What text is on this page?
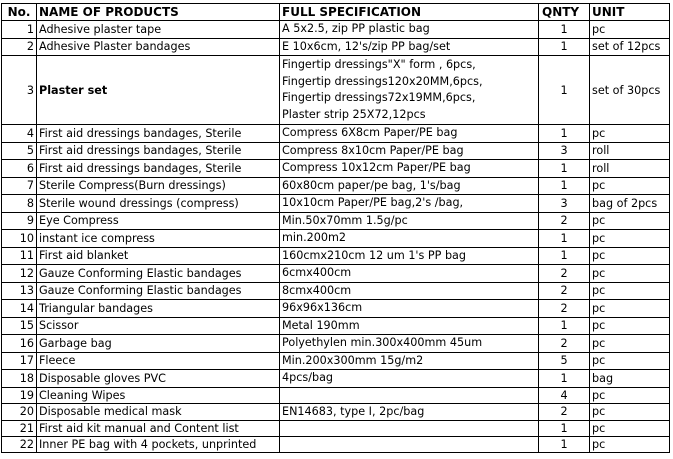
No.	NAME OF PRODUCTS	FULL SPECIFICATION	QNTY	UNIT
1	Adhesive plaster tape	A 5x2.5, zip PP plastic bag	1	pc
2	Adhesive Plaster bandages	E 10x6cm, 12's/zip PP bag/set	1	set of 12pcs
3	Plaster set	Fingertip dressings"X" form , 6pcs,
Fingertip dressings120x20MM,6pcs,
Fingertip dressings72x19MM,6pcs,
Plaster strip 25X72,12pcs	1	set of 30pcs
4	First aid dressings bandages, Sterile	Compress 6X8cm Paper/PE bag	1	pc
5	First aid dressings bandages, Sterile	Compress 8x10cm Paper/PE bag	3	roll
6	First aid dressings bandages, Sterile	Compress 10x12cm Paper/PE bag	1	roll
7	Sterile Compress(Burn dressings)	60x80cm paper/pe bag, 1's/bag	1	pc
8	Sterile wound dressings (compress)	10x10cm Paper/PE bag,2's /bag,	3	bag of 2pcs
9	Eye Compress	Min.50x70mm 1.5g/pc	2	pc
10	instant ice compress	min.200m2	1	pc
11	First aid blanket	160cmx210cm 12 um 1's PP bag	1	pc
12	Gauze Conforming Elastic bandages	6cmx400cm	2	pc
13	Gauze Conforming Elastic bandages	8cmx400cm	2	pc
14	Triangular bandages	96x96x136cm	2	pc
15	Scissor	Metal 190mm	1	pc
16	Garbage bag	Polyethylen min.300x400mm 45um	2	pc
17	Fleece	Min.200x300mm 15g/m2	5	pc
18	Disposable gloves PVC	4pcs/bag	1	bag
19	Cleaning Wipes		4	pc
20	Disposable medical mask	EN14683, type I, 2pc/bag	2	pc
21	First aid kit manual and Content list		1	pc
22	Inner PE bag with 4 pockets, unprinted		1	pc
